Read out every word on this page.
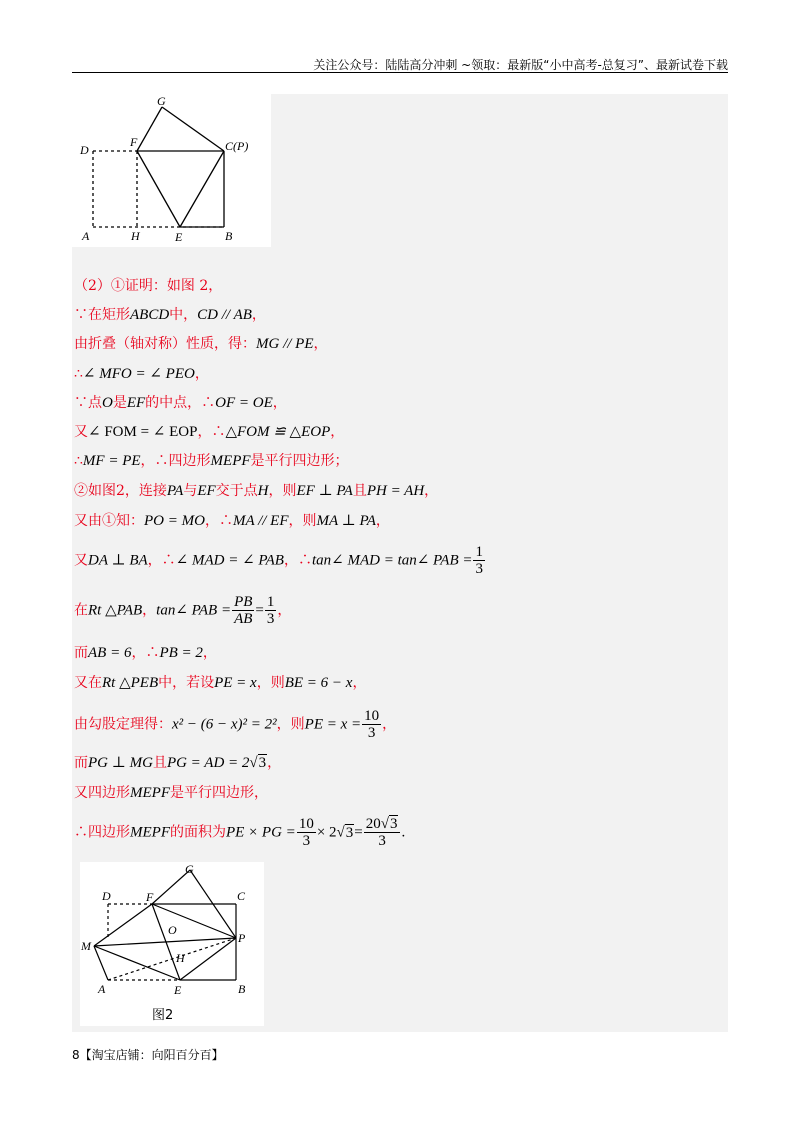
关注公众号：陆陆高分冲刺 ~领取：最新版“小中高考-总复习”、最新试卷下载
G
D
F	C(P)
A	H	E	B
（2）①证明：如图 2，
∵在矩形ABCD中，CD // AB，
由折叠（轴对称）性质，得：MG // PE，
∴∠ MFO = ∠ PEO，
∵点O是EF的中点，∴OF = OE，
又∠ FOM = ∠ EOP，∴△FOM ≌ △EOP，
∴MF = PE，∴四边形MEPF是平行四边形；
②如图2，连接PA与EF交于点H，则EF ⊥ PA且PH = AH，
又由①知：PO = MO，∴MA // EF，则MA ⊥ PA，
又DA ⊥ BA，∴∠ MAD = ∠ PAB，∴tan∠ MAD = tan∠ PAB = $\frac{1}{3}$
在Rt △PAB，tan∠ PAB = $\frac{PB}{AB} = \frac{1}{3}$ ，
而AB = 6，∴PB = 2，
又在Rt △PEB中，若设PE = x，则BE = 6 − x，
由勾股定理得：x² − (6 − x)² = 2²，则PE = $x = \frac{10}{3}$ ，
而PG ⊥ MG且PG = AD = 2√3，
又四边形MEPF是平行四边形，
∴四边形MEPF的面积为PE × PG = $\frac{10}{3} \times 2√3= \frac{20√3}{3}$ .
D	F
G
C
M
O
P
H
A	E	B
图2
8【淘宝店铺：向阳百分百】
